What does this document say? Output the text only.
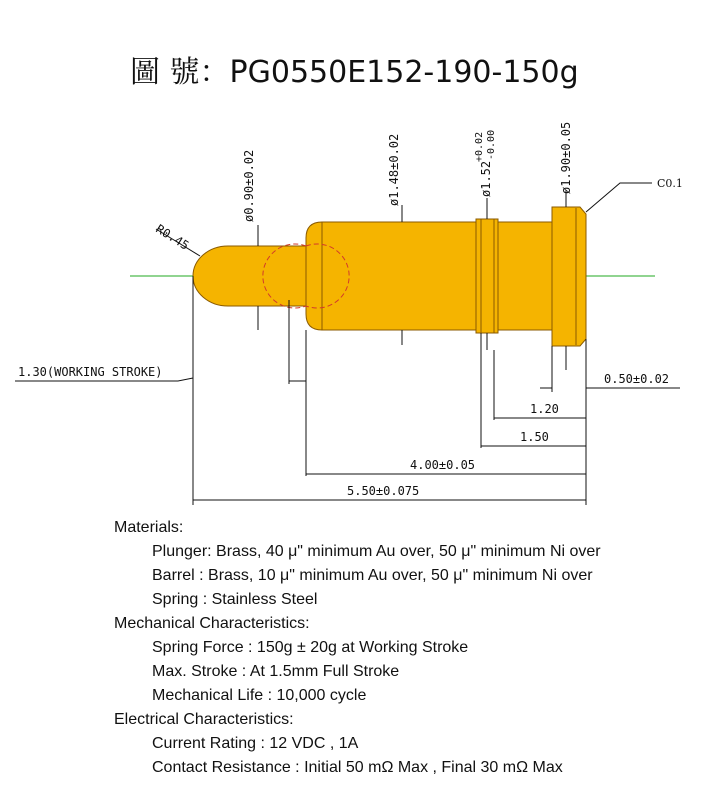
圖 號：PG0550E152-190-150g
ø0.90±0.02	ø1.48±0.02	ø1.52
+0.02 -0.00	ø1.90±0.05	C0.1
R0.45
1.30(WORKING STROKE)	0.50±0.02
1.20
1.50
4.00±0.05
5.50±0.075
Materials:
Plunger: Brass, 40 μ" minimum Au over, 50 μ" minimum Ni over
Barrel : Brass, 10 μ" minimum Au over, 50 μ" minimum Ni over
Spring : Stainless Steel
Mechanical Characteristics:
Spring Force : 150g ± 20g at Working Stroke
Max. Stroke : At 1.5mm Full Stroke
Mechanical Life : 10,000 cycle
Electrical Characteristics:
Current Rating : 12 VDC , 1A
Contact Resistance : Initial 50 mΩ Max , Final 30 mΩ Max
